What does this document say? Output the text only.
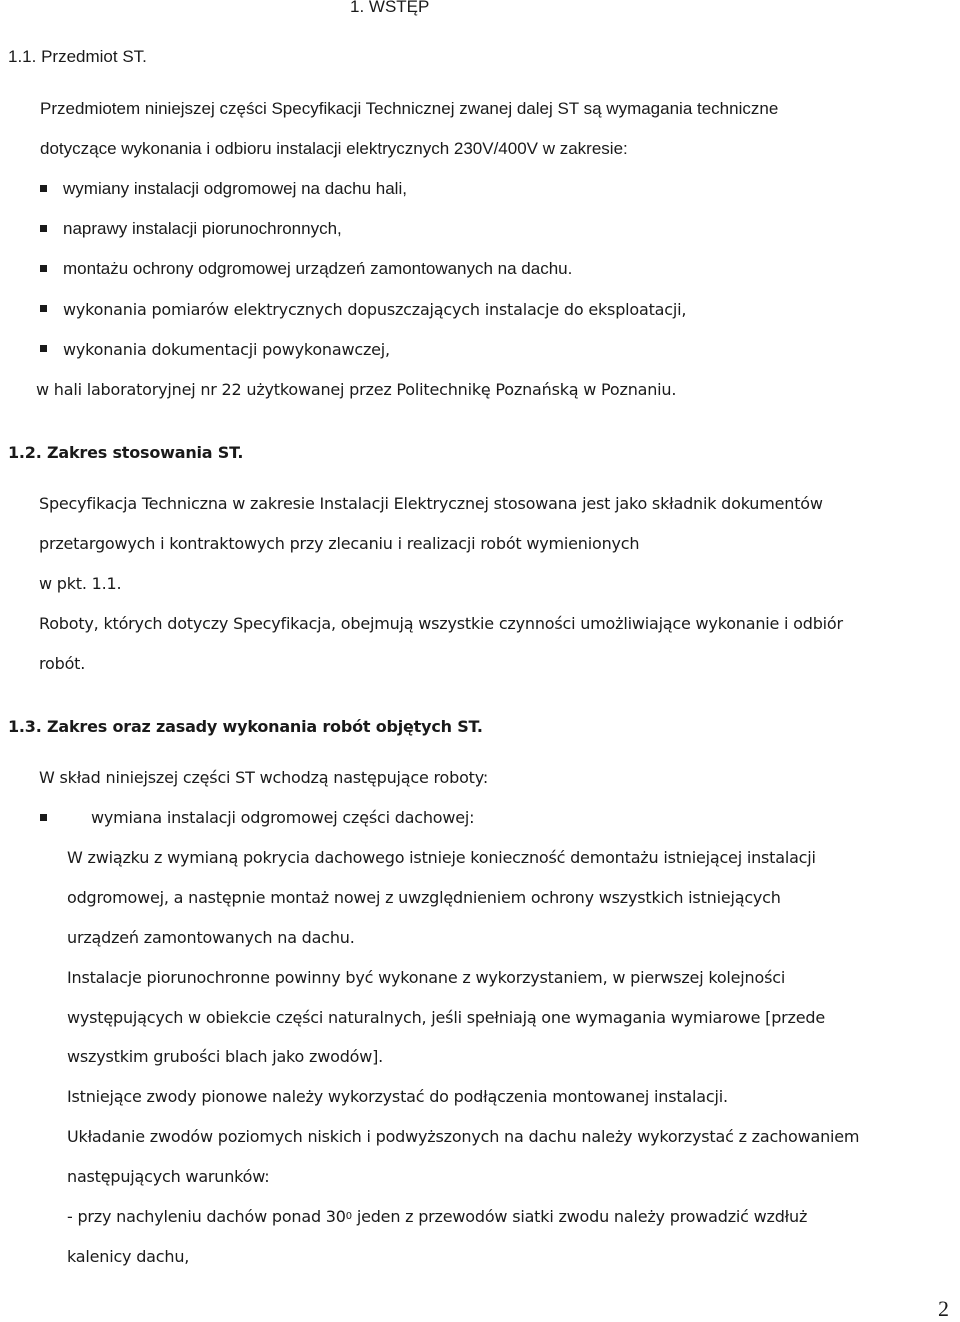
1. WSTĘP
1.1. Przedmiot ST.
Przedmiotem niniejszej części Specyfikacji Technicznej zwanej dalej ST są wymagania techniczne
dotyczące wykonania i odbioru instalacji elektrycznych 230V/400V w zakresie:
wymiany instalacji odgromowej na dachu hali,
naprawy instalacji piorunochronnych,
montażu ochrony odgromowej urządzeń zamontowanych na dachu.
wykonania pomiarów elektrycznych dopuszczających instalacje do eksploatacji,
wykonania dokumentacji powykonawczej,
w hali laboratoryjnej nr 22 użytkowanej przez Politechnikę Poznańską w Poznaniu.
1.2. Zakres stosowania ST.
Specyfikacja Techniczna w zakresie Instalacji Elektrycznej stosowana jest jako składnik dokumentów
przetargowych i kontraktowych przy zlecaniu i realizacji robót wymienionych
w pkt. 1.1.
Roboty, których dotyczy Specyfikacja, obejmują wszystkie czynności umożliwiające wykonanie i odbiór
robót.
1.3. Zakres oraz zasady wykonania robót objętych ST.
W skład niniejszej części ST wchodzą następujące roboty:
wymiana instalacji odgromowej części dachowej:
W związku z wymianą pokrycia dachowego istnieje konieczność demontażu istniejącej instalacji
odgromowej, a następnie montaż nowej z uwzględnieniem ochrony wszystkich istniejących
urządzeń zamontowanych na dachu.
Instalacje piorunochronne powinny być wykonane z wykorzystaniem, w pierwszej kolejności
występujących w obiekcie części naturalnych, jeśli spełniają one wymagania wymiarowe [przede
wszystkim grubości blach jako zwodów].
Istniejące zwody pionowe należy wykorzystać do podłączenia montowanej instalacji.
Układanie zwodów poziomych niskich i podwyższonych na dachu należy wykorzystać z zachowaniem
następujących warunków:
- przy nachyleniu dachów ponad $30^0$ jeden z przewodów siatki zwodu należy prowadzić wzdłuż
kalenicy dachu,
2
